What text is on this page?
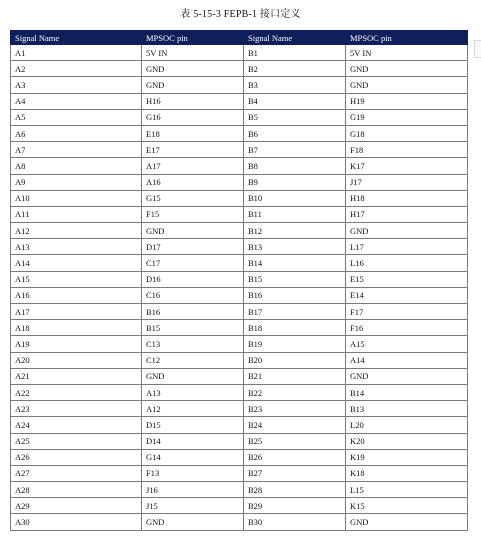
表 5-15-3 FEPB-1 接口定义
Signal Name	MPSOC pin	Signal Name	MPSOC pin
A1	5V IN	B1	5V IN
A2	GND	B2	GND
A3	GND	B3	GND
A4	H16	B4	H19
A5	G16	B5	G19
A6	E18	B6	G18
A7	E17	B7	F18
A8	A17	B8	K17
A9	A16	B9	J17
A10	G15	B10	H18
A11	F15	B11	H17
A12	GND	B12	GND
A13	D17	B13	L17
A14	C17	B14	L16
A15	D16	B15	E15
A16	C16	B16	E14
A17	B16	B17	F17
A18	B15	B18	F16
A19	C13	B19	A15
A20	C12	B20	A14
A21	GND	B21	GND
A22	A13	B22	B14
A23	A12	B23	B13
A24	D15	B24	L20
A25	D14	B25	K20
A26	G14	B26	K19
A27	F13	B27	K18
A28	J16	B28	L15
A29	J15	B29	K15
A30	GND	B30	GND
